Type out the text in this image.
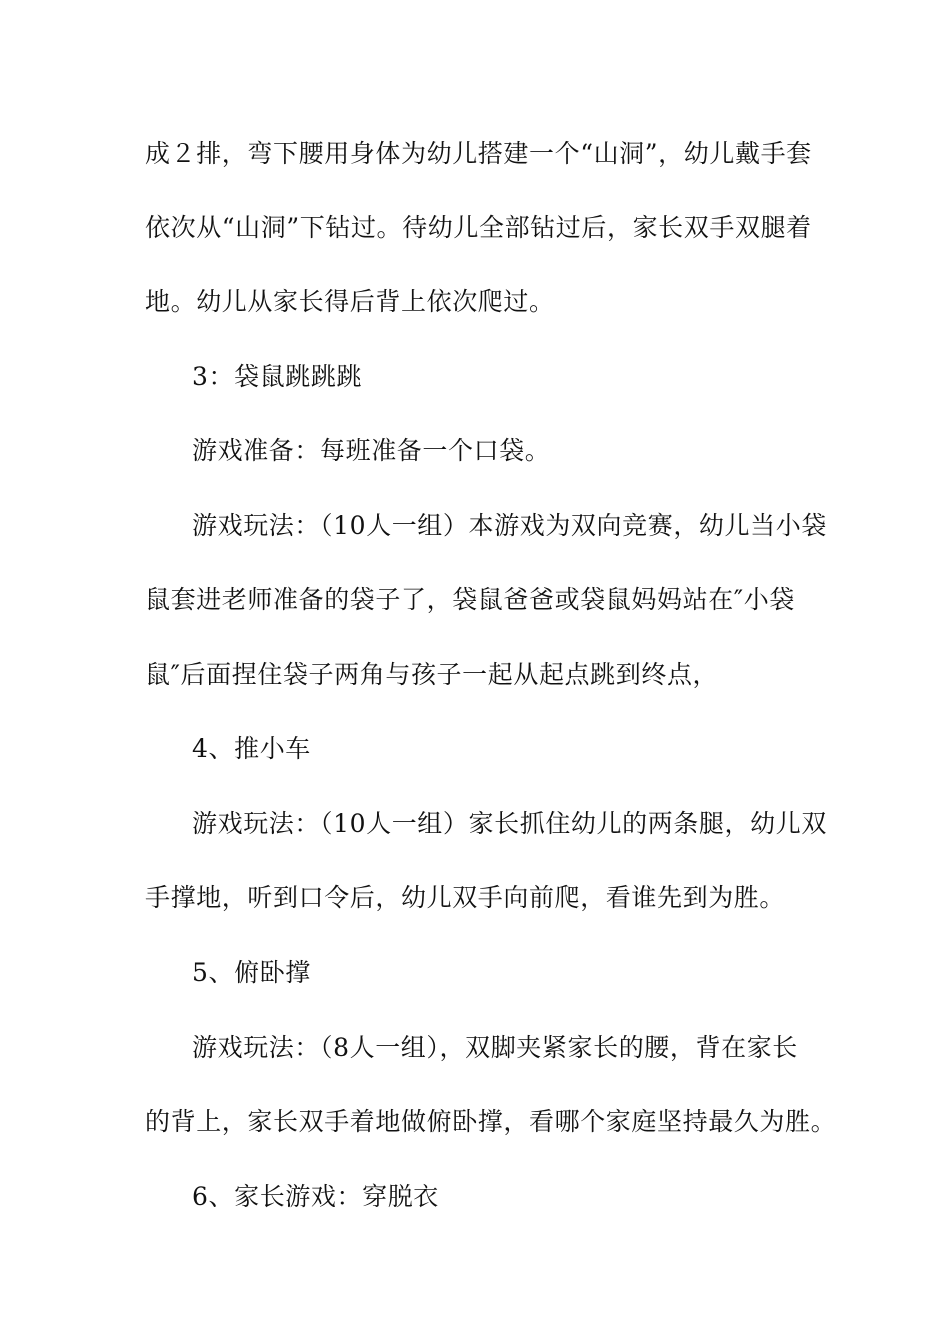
成２排，弯下腰用身体为幼儿搭建一个“山洞”，幼儿戴手套
依次从“山洞”下钻过。待幼儿全部钻过后，家长双手双腿着
地。幼儿从家长得后背上依次爬过。
3：袋鼠跳跳跳
游戏准备：每班准备一个口袋。
游戏玩法：（10人一组）本游戏为双向竞赛，幼儿当小袋
鼠套进老师准备的袋子了，袋鼠爸爸或袋鼠妈妈站在″小袋
鼠″后面捏住袋子两角与孩子一起从起点跳到终点，
4、推小车
游戏玩法：（10人一组）家长抓住幼儿的两条腿，幼儿双
手撑地，听到口令后，幼儿双手向前爬，看谁先到为胜。
5、俯卧撑
游戏玩法：（8人一组），双脚夹紧家长的腰，背在家长
的背上，家长双手着地做俯卧撑，看哪个家庭坚持最久为胜。
6、家长游戏：穿脱衣
